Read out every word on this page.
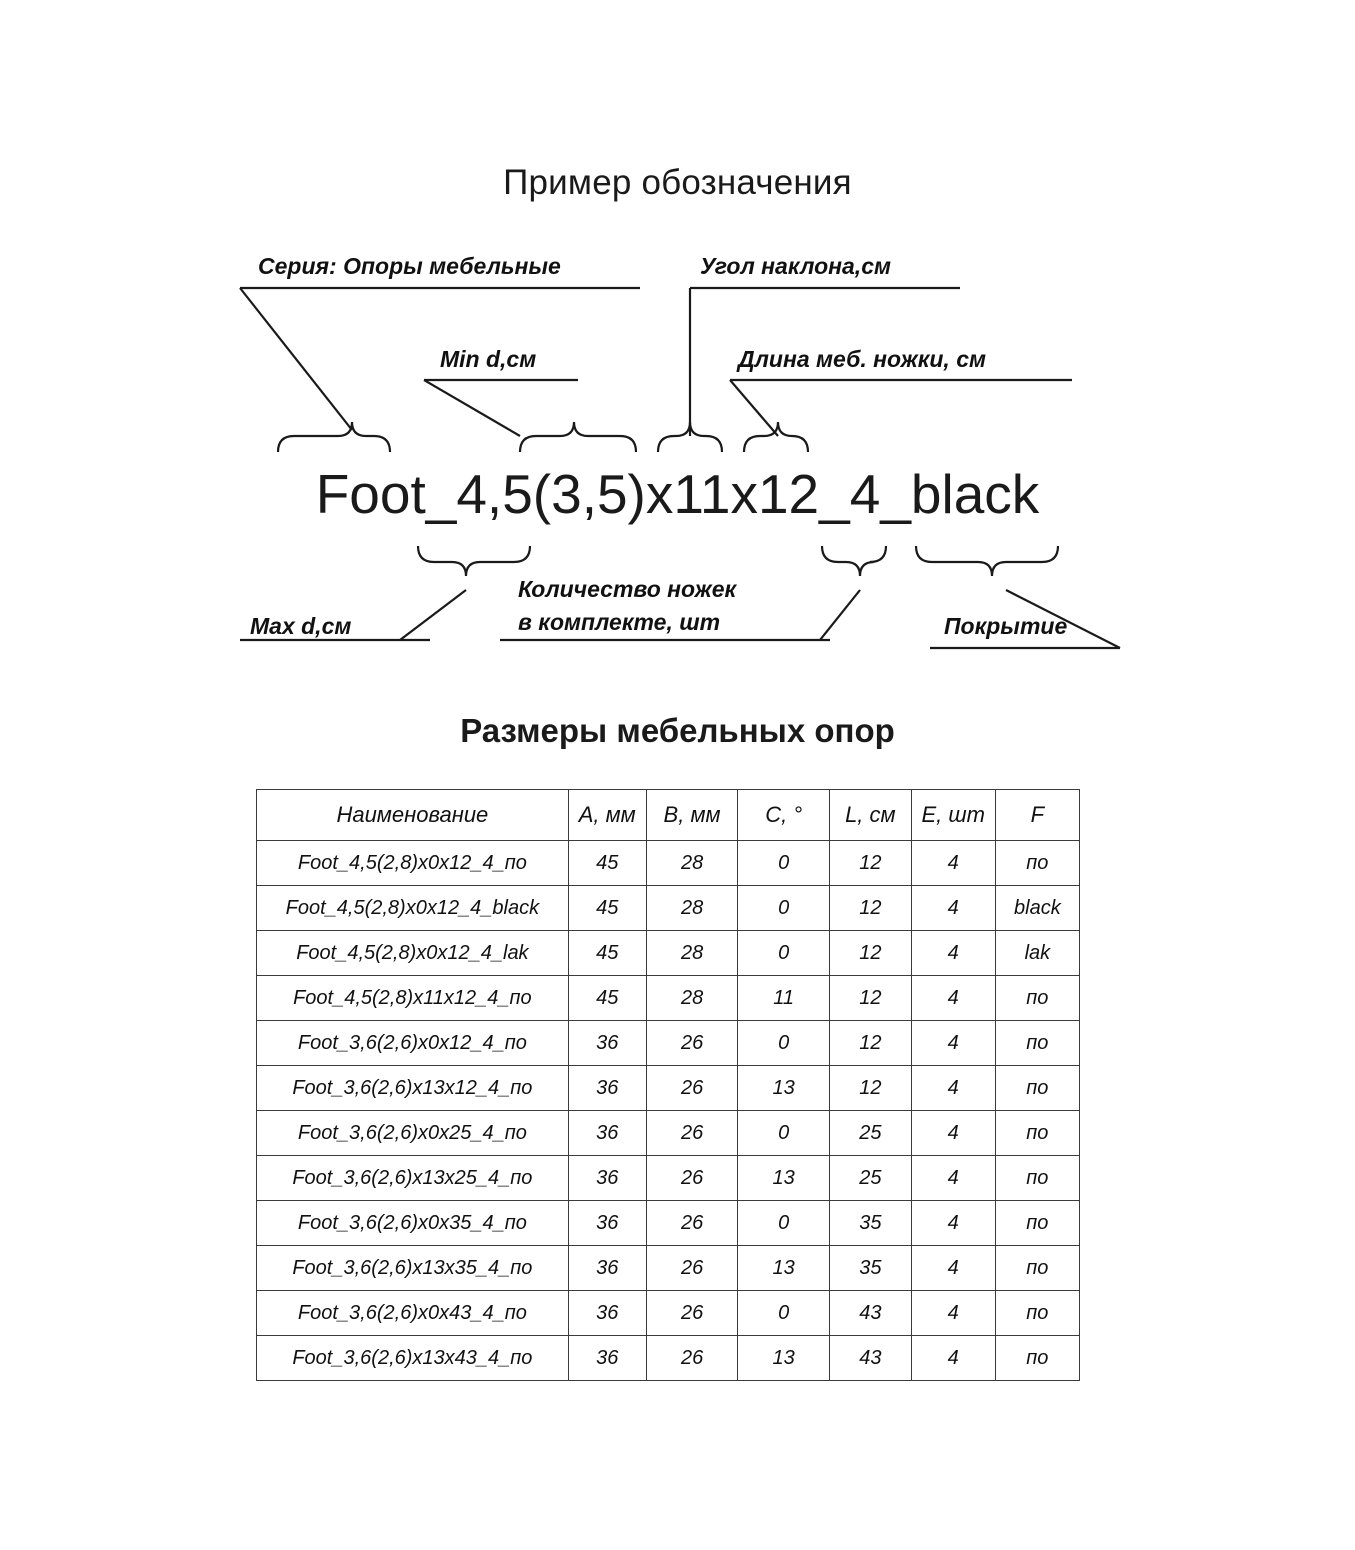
Пример обозначения
Серия: Опоры мебельные
Min d,см
Угол наклона,см
Длина меб. ножки, см
Foot_4,5(3,5)x11x12_4_black
Max d,см
Количество ножек
в комплекте, шт	Покрытие
Размеры мебельных опор
Наименование	A, мм	B, мм	C, °	L, см	E, шт	F
Foot_4,5(2,8)x0x12_4_по	45	28	0	12	4	по
Foot_4,5(2,8)x0x12_4_black	45	28	0	12	4	black
Foot_4,5(2,8)x0x12_4_lak	45	28	0	12	4	lak
Foot_4,5(2,8)x11x12_4_по	45	28	11	12	4	по
Foot_3,6(2,6)x0x12_4_по	36	26	0	12	4	по
Foot_3,6(2,6)x13x12_4_по	36	26	13	12	4	по
Foot_3,6(2,6)x0x25_4_по	36	26	0	25	4	по
Foot_3,6(2,6)x13x25_4_по	36	26	13	25	4	по
Foot_3,6(2,6)x0x35_4_по	36	26	0	35	4	по
Foot_3,6(2,6)x13x35_4_по	36	26	13	35	4	по
Foot_3,6(2,6)x0x43_4_по	36	26	0	43	4	по
Foot_3,6(2,6)x13x43_4_по	36	26	13	43	4	по
